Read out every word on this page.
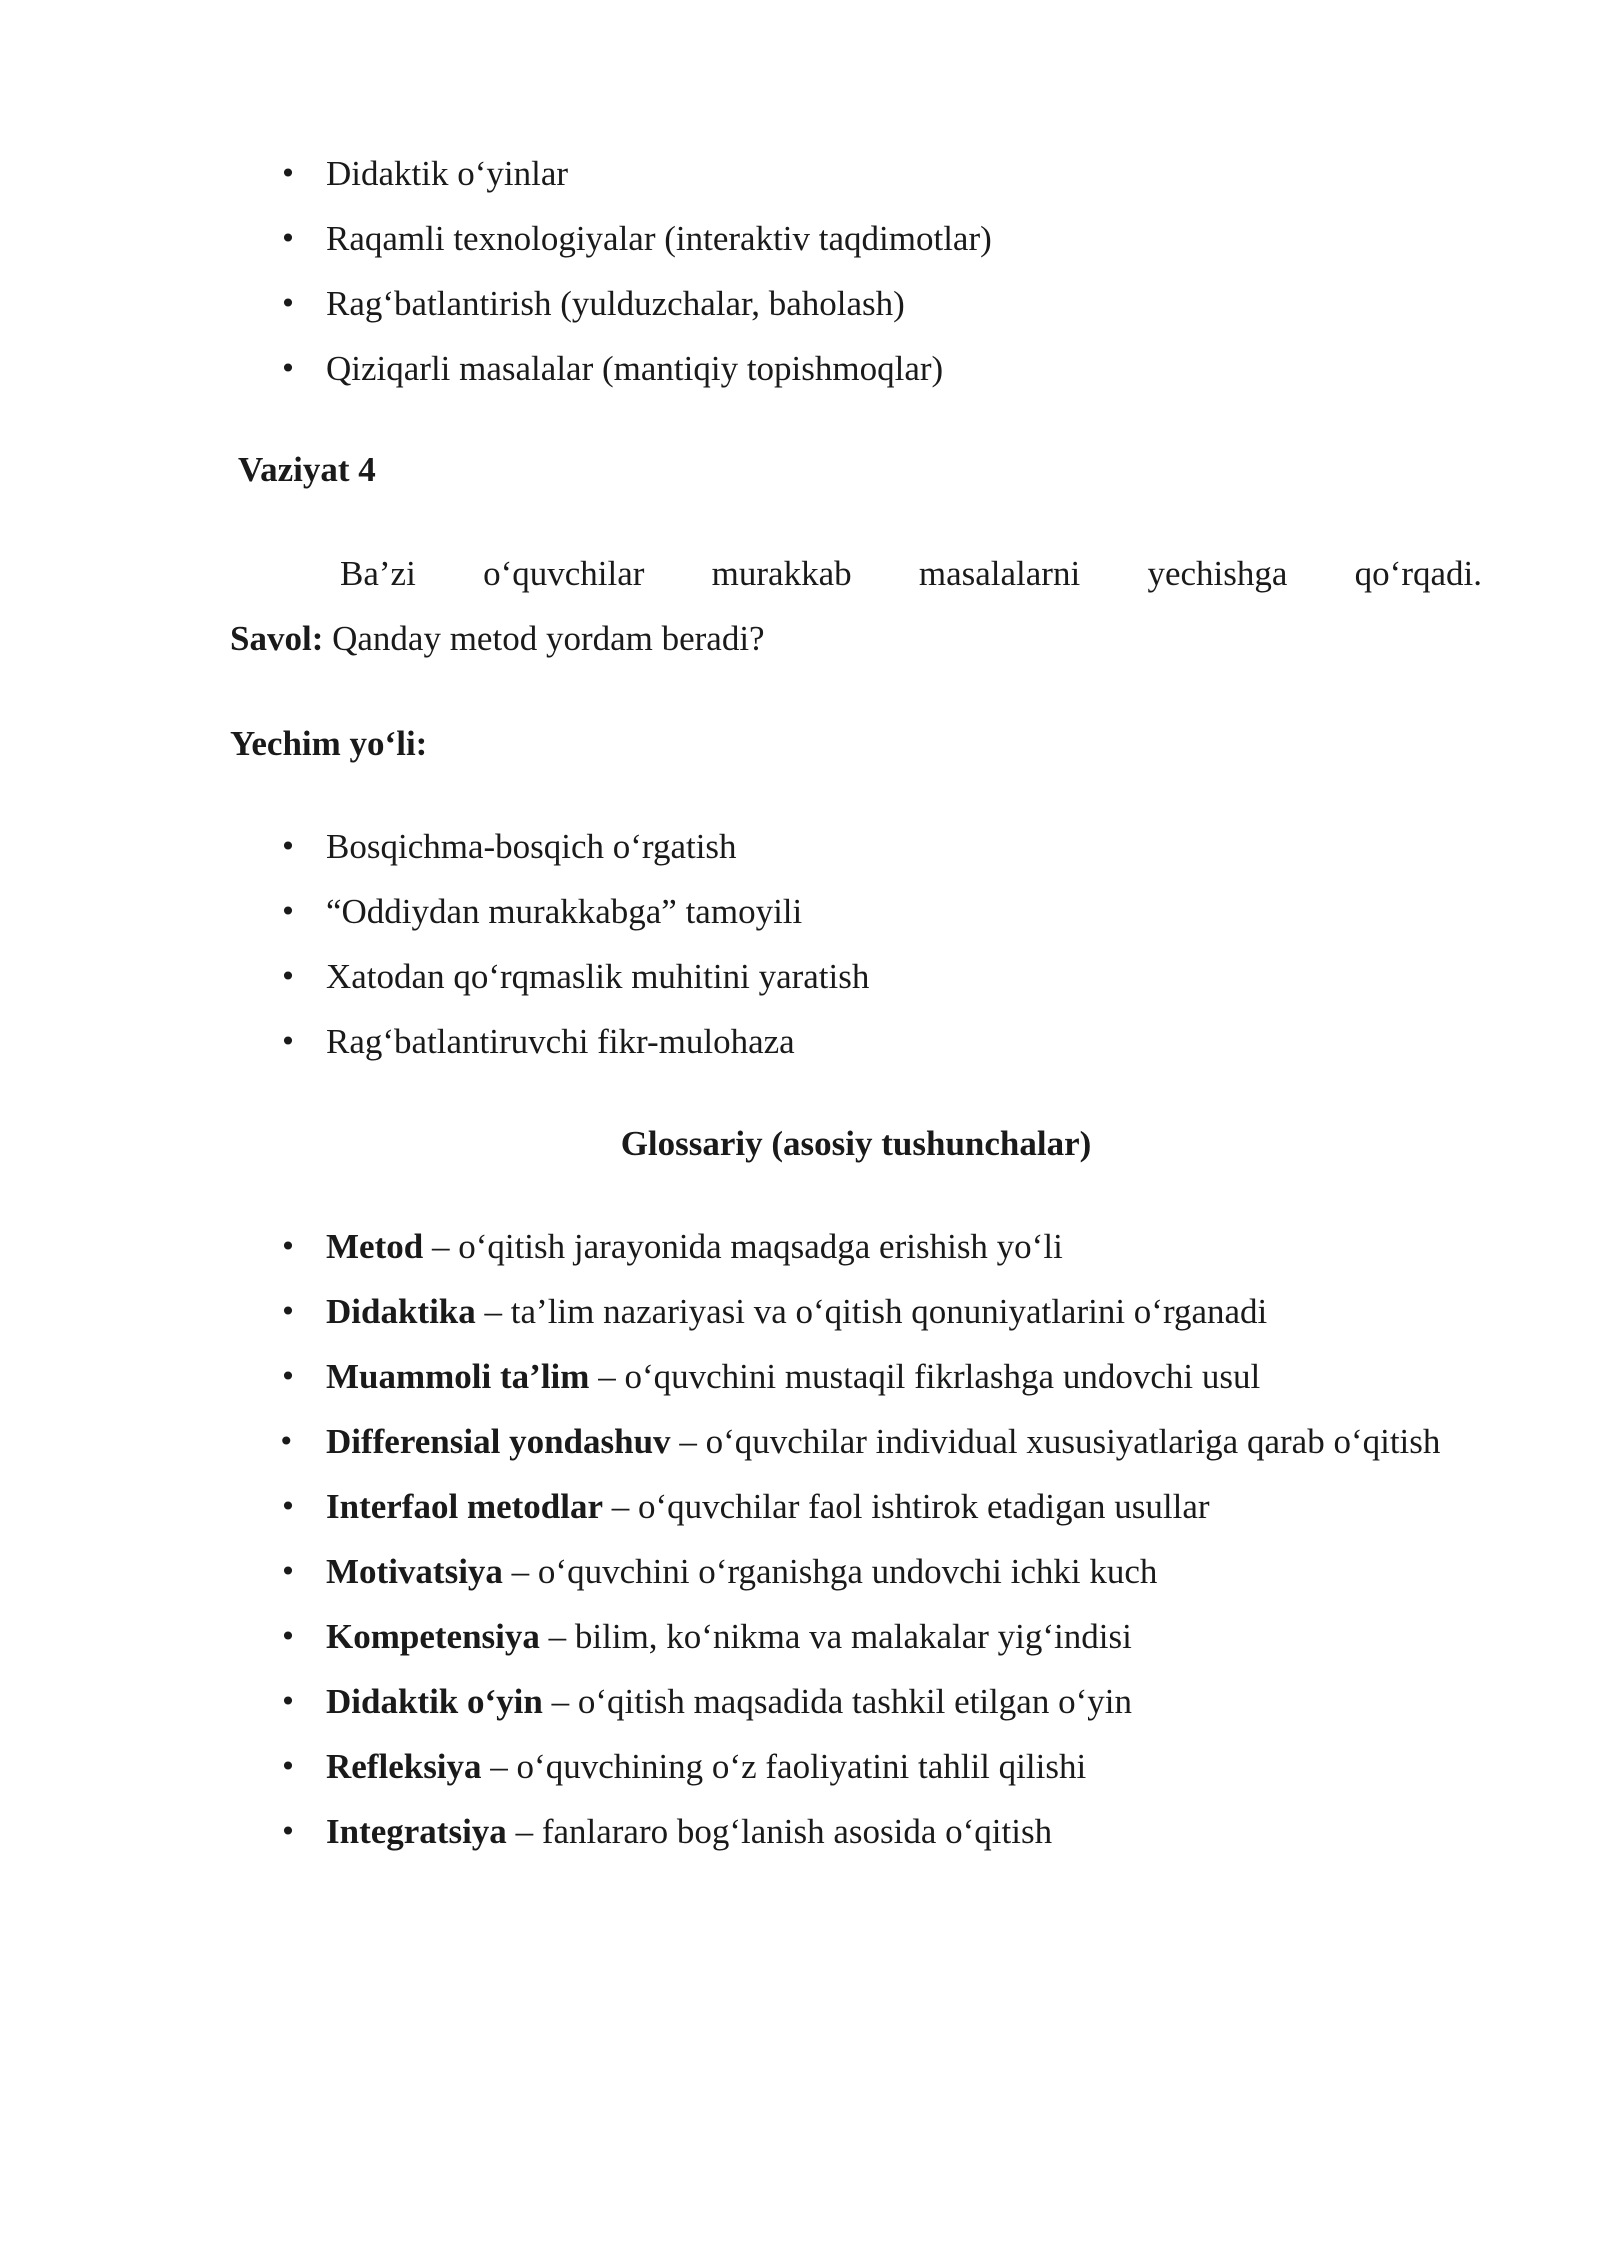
• Didaktik o‘yinlar
• Raqamli texnologiyalar (interaktiv taqdimotlar)
• Rag‘batlantirish (yulduzchalar, baholash)
• Qiziqarli masalalar (mantiqiy topishmoqlar)
Vaziyat 4
Ba’zi o‘quvchilar murakkab masalalarni yechishga qo‘rqadi.
Savol: Qanday metod yordam beradi?
Yechim yo‘li:
• Bosqichma-bosqich o‘rgatish
• “Oddiydan murakkabga” tamoyili
• Xatodan qo‘rqmaslik muhitini yaratish
• Rag‘batlantiruvchi fikr-mulohaza
Glossariy (asosiy tushunchalar)
• Metod – o‘qitish jarayonida maqsadga erishish yo‘li
• Didaktika – ta’lim nazariyasi va o‘qitish qonuniyatlarini o‘rganadi
• Muammoli ta’lim – o‘quvchini mustaqil fikrlashga undovchi usul
• Differensial yondashuv – o‘quvchilar individual xususiyatlariga qarab o‘qitish
• Interfaol metodlar – o‘quvchilar faol ishtirok etadigan usullar
• Motivatsiya – o‘quvchini o‘rganishga undovchi ichki kuch
• Kompetensiya – bilim, ko‘nikma va malakalar yig‘indisi
• Didaktik o‘yin – o‘qitish maqsadida tashkil etilgan o‘yin
• Refleksiya – o‘quvchining o‘z faoliyatini tahlil qilishi
• Integratsiya – fanlararo bog‘lanish asosida o‘qitish
